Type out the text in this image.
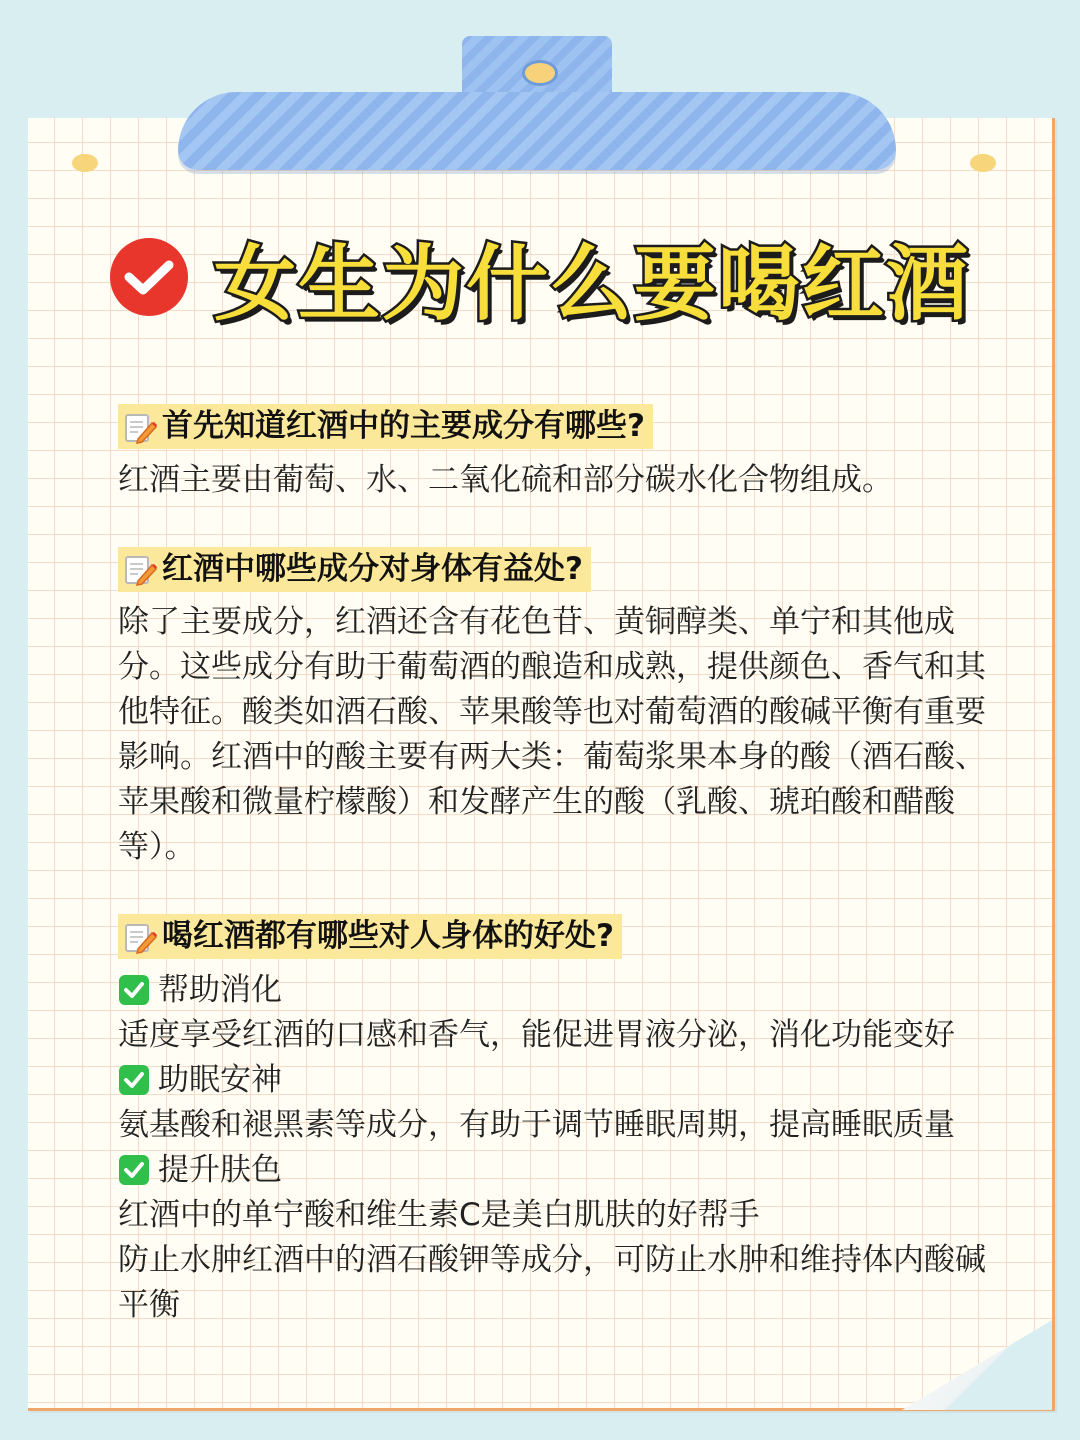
女生为什么要喝红酒
首先知道红酒中的主要成分有哪些?

红酒主要由葡萄、水、二氧化硫和部分碳水化合物组成。

红酒中哪些成分对身体有益处?

除了主要成分，红酒还含有花色苷、黄铜醇类、单宁和其他成

分。这些成分有助于葡萄酒的酿造和成熟，提供颜色、香气和其

他特征。酸类如酒石酸、苹果酸等也对葡萄酒的酸碱平衡有重要

影响。红酒中的酸主要有两大类：葡萄浆果本身的酸（酒石酸、

苹果酸和微量柠檬酸）和发酵产生的酸（乳酸、琥珀酸和醋酸

等）。

喝红酒都有哪些对人身体的好处?
帮助消化

适度享受红酒的口感和香气，能促进胃液分泌，消化功能变好

助眠安神

氨基酸和褪黑素等成分，有助于调节睡眠周期，提高睡眠质量

提升肤色

红酒中的单宁酸和维生素C是美白肌肤的好帮手

防止水肿红酒中的酒石酸钾等成分，可防止水肿和维持体内酸碱

平衡
